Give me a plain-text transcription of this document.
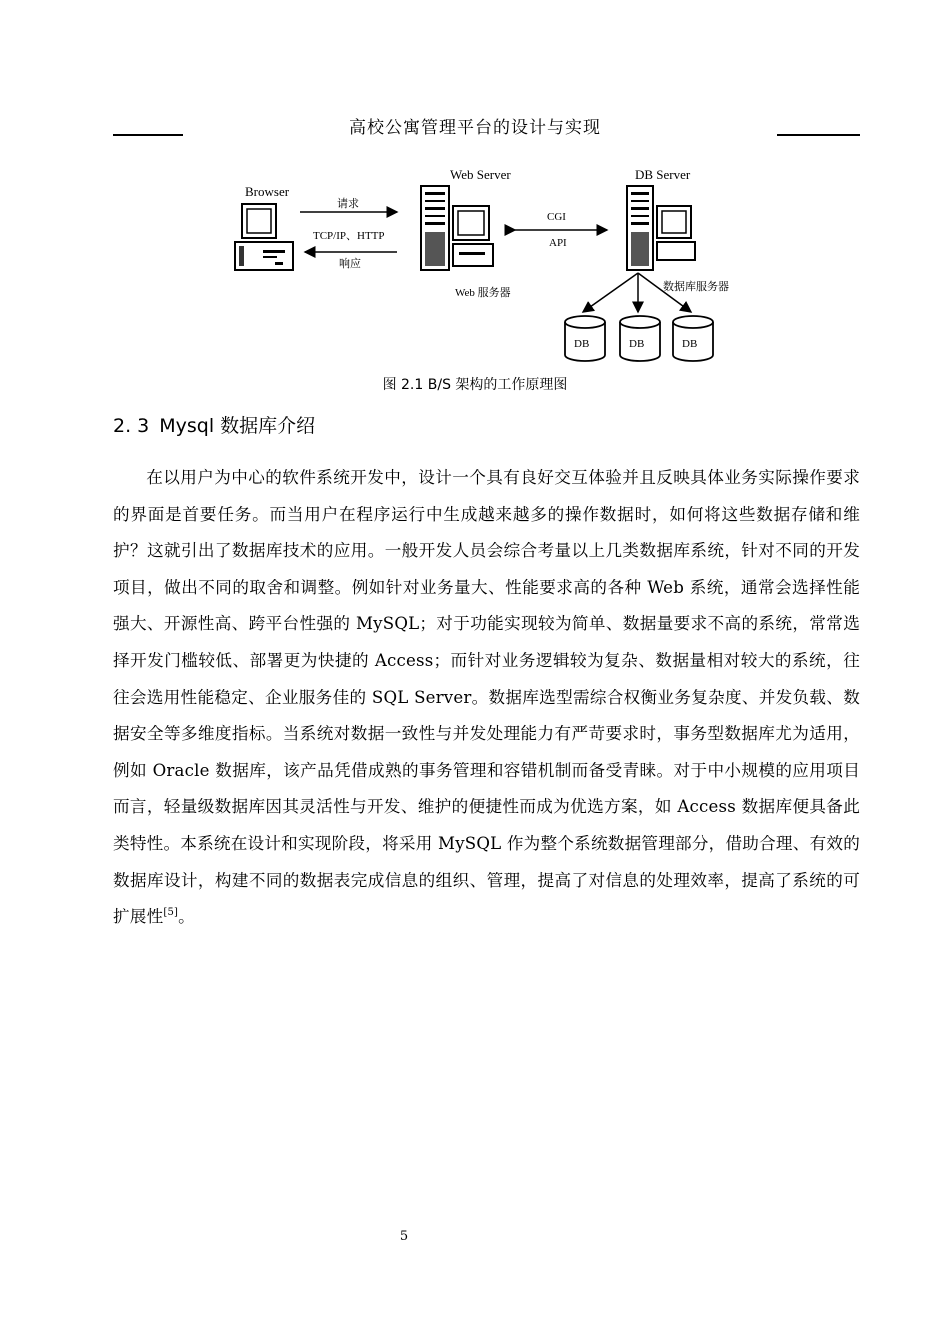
高校公寓管理平台的设计与实现
Browser
请求
TCP/IP、HTTP
响应
Web Server
Web 服务器
CGI
API
DB Server
数据库服务器
DB	DB	DB
图 2.1 B/S 架构的工作原理图
2. 3 Mysql 数据库介绍

在以用户为中心的软件系统开发中，设计一个具有良好交互体验并且反映具体业务实际操作要求的界面是首要任务。而当用户在程序运行中生成越来越多的操作数据时，如何将这些数据存储和维护？这就引出了数据库技术的应用。一般开发人员会综合考量以上几类数据库系统，针对不同的开发项目，做出不同的取舍和调整。例如针对业务量大、性能要求高的各种 Web 系统，通常会选择性能强大、开源性高、跨平台性强的 MySQL；对于功能实现较为简单、数据量要求不高的系统，常常选择开发门槛较低、部署更为快捷的 Access；而针对业务逻辑较为复杂、数据量相对较大的系统，往往会选用性能稳定、企业服务佳的 SQL Server。数据库选型需综合权衡业务复杂度、并发负载、数据安全等多维度指标。当系统对数据一致性与并发处理能力有严苛要求时，事务型数据库尤为适用，例如 Oracle 数据库，该产品凭借成熟的事务管理和容错机制而备受青睐。对于中小规模的应用项目而言，轻量级数据库因其灵活性与开发、维护的便捷性而成为优选方案，如 Access 数据库便具备此类特性。本系统在设计和实现阶段，将采用 MySQL 作为整个系统数据管理部分，借助合理、有效的数据库设计，构建不同的数据表完成信息的组织、管理，提高了对信息的处理效率，提高了系统的可扩展性[5]。

5
